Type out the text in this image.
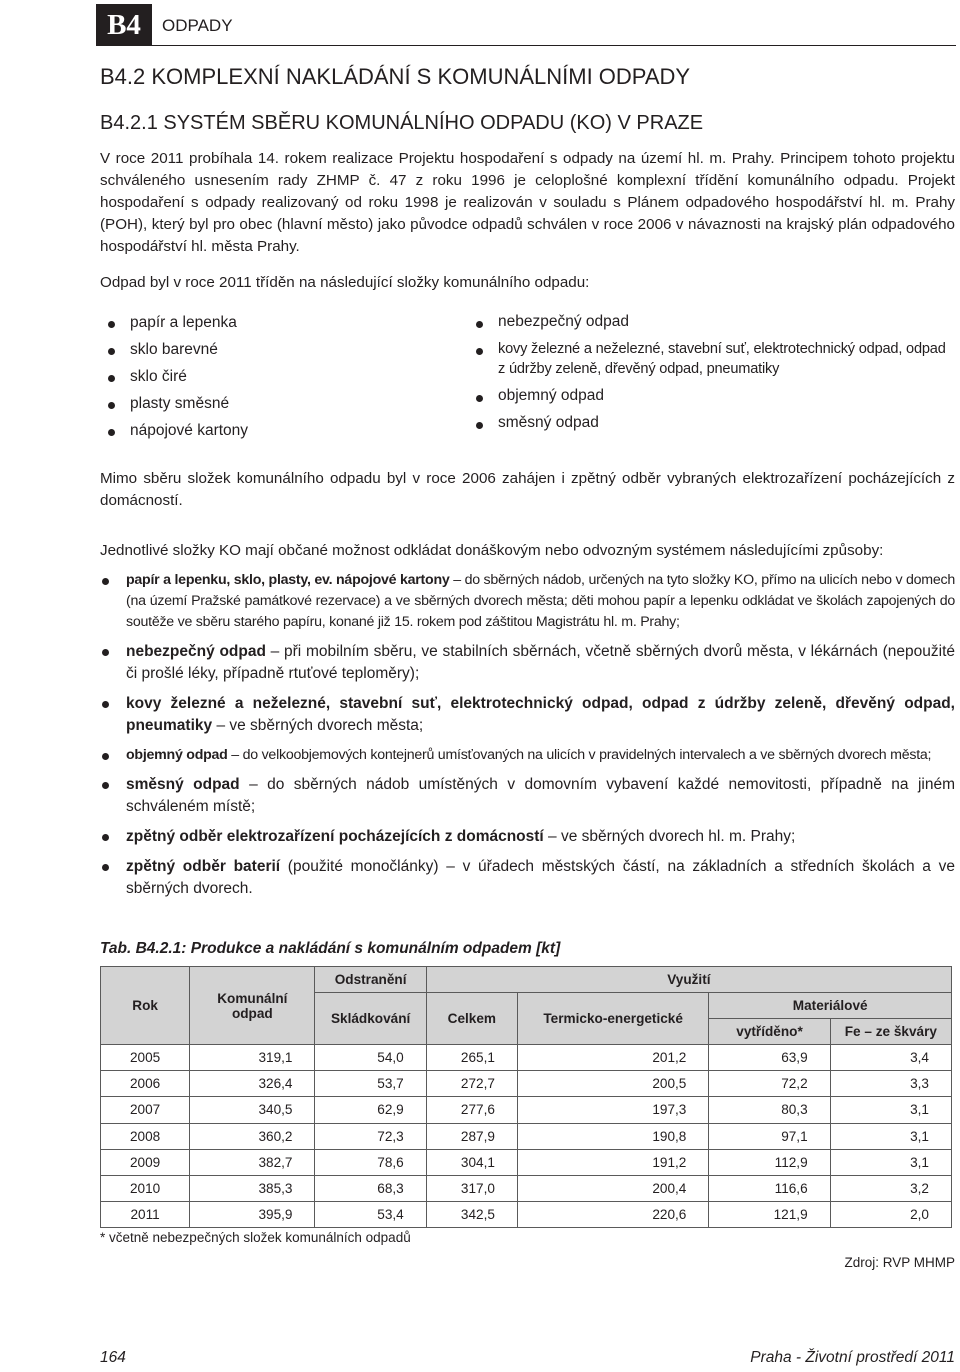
B4	ODPADY
B4.2 KOMPLEXNÍ NAKLÁDÁNÍ S KOMUNÁLNÍMI ODPADY
B4.2.1 SYSTÉM SBĚRU KOMUNÁLNÍHO ODPADU (KO) V PRAZE

V roce 2011 probíhala 14. rokem realizace Projektu hospodaření s odpady na území hl. m. Prahy. Principem tohoto projektu schváleného usnesením rady ZHMP č. 47 z roku 1996 je celoplošné komplexní třídění komunálního odpadu. Projekt hospodaření s odpady realizovaný od roku 1998 je realizován v souladu s Plánem odpadového hospodářství hl. m. Prahy (POH), který byl pro obec (hlavní město) jako původce odpadů schválen v roce 2006 v návaznosti na krajský plán odpadového hospodářství hl. města Prahy.

Odpad byl v roce 2011 tříděn na následující složky komunálního odpadu:

papír a lepenka
sklo barevné
sklo čiré
plasty směsné
nápojové kartony
nebezpečný odpad
kovy železné a neželezné, stavební suť, elektrotechnický odpad, odpad z údržby zeleně, dřevěný odpad, pneumatiky
objemný odpad
směsný odpad

Mimo sběru složek komunálního odpadu byl v roce 2006 zahájen i zpětný odběr vybraných elektrozařízení pocházejících z domácností.

Jednotlivé složky KO mají občané možnost odkládat donáškovým nebo odvozným systémem následujícími způsoby:

papír a lepenku, sklo, plasty, ev. nápojové kartony – do sběrných nádob, určených na tyto složky KO, přímo na ulicích nebo v domech (na území Pražské památkové rezervace) a ve sběrných dvorech města; děti mohou papír a lepenku odkládat ve školách zapojených do soutěže ve sběru starého papíru, konané již 15. rokem pod záštitou Magistrátu hl. m. Prahy;
nebezpečný odpad – při mobilním sběru, ve stabilních sběrnách, včetně sběrných dvorů města, v lékárnách (nepoužité či prošlé léky, případně rtuťové teploměry);
kovy železné a neželezné, stavební suť, elektrotechnický odpad, odpad z údržby zeleně, dřevěný odpad, pneumatiky – ve sběrných dvorech města;
objemný odpad – do velkoobjemových kontejnerů umísťovaných na ulicích v pravidelných intervalech a ve sběrných dvorech města;
směsný odpad – do sběrných nádob umístěných v domovním vybavení každé nemovitosti, případně na jiném schváleném místě;
zpětný odběr elektrozařízení pocházejících z domácností – ve sběrných dvorech hl. m. Prahy;
zpětný odběr baterií (použité monočlánky) – v úřadech městských částí, na základních a středních školách a ve sběrných dvorech.
Tab. B4.2.1: Produkce a nakládání s komunálním odpadem [kt]
Rok	Komunální odpad	Odstranění	Využití			
		Skládkování	Celkem	Termicko-energetické	Materiálové	
					vytříděno*	Fe – ze škváry
2005	319,1	54,0	265,1	201,2	63,9	3,4
2006	326,4	53,7	272,7	200,5	72,2	3,3
2007	340,5	62,9	277,6	197,3	80,3	3,1
2008	360,2	72,3	287,9	190,8	97,1	3,1
2009	382,7	78,6	304,1	191,2	112,9	3,1
2010	385,3	68,3	317,0	200,4	116,6	3,2
2011	395,9	53,4	342,5	220,6	121,9	2,0
* včetně nebezpečných složek komunálních odpadů
Zdroj: RVP MHMP
164	Praha - Životní prostředí 2011
